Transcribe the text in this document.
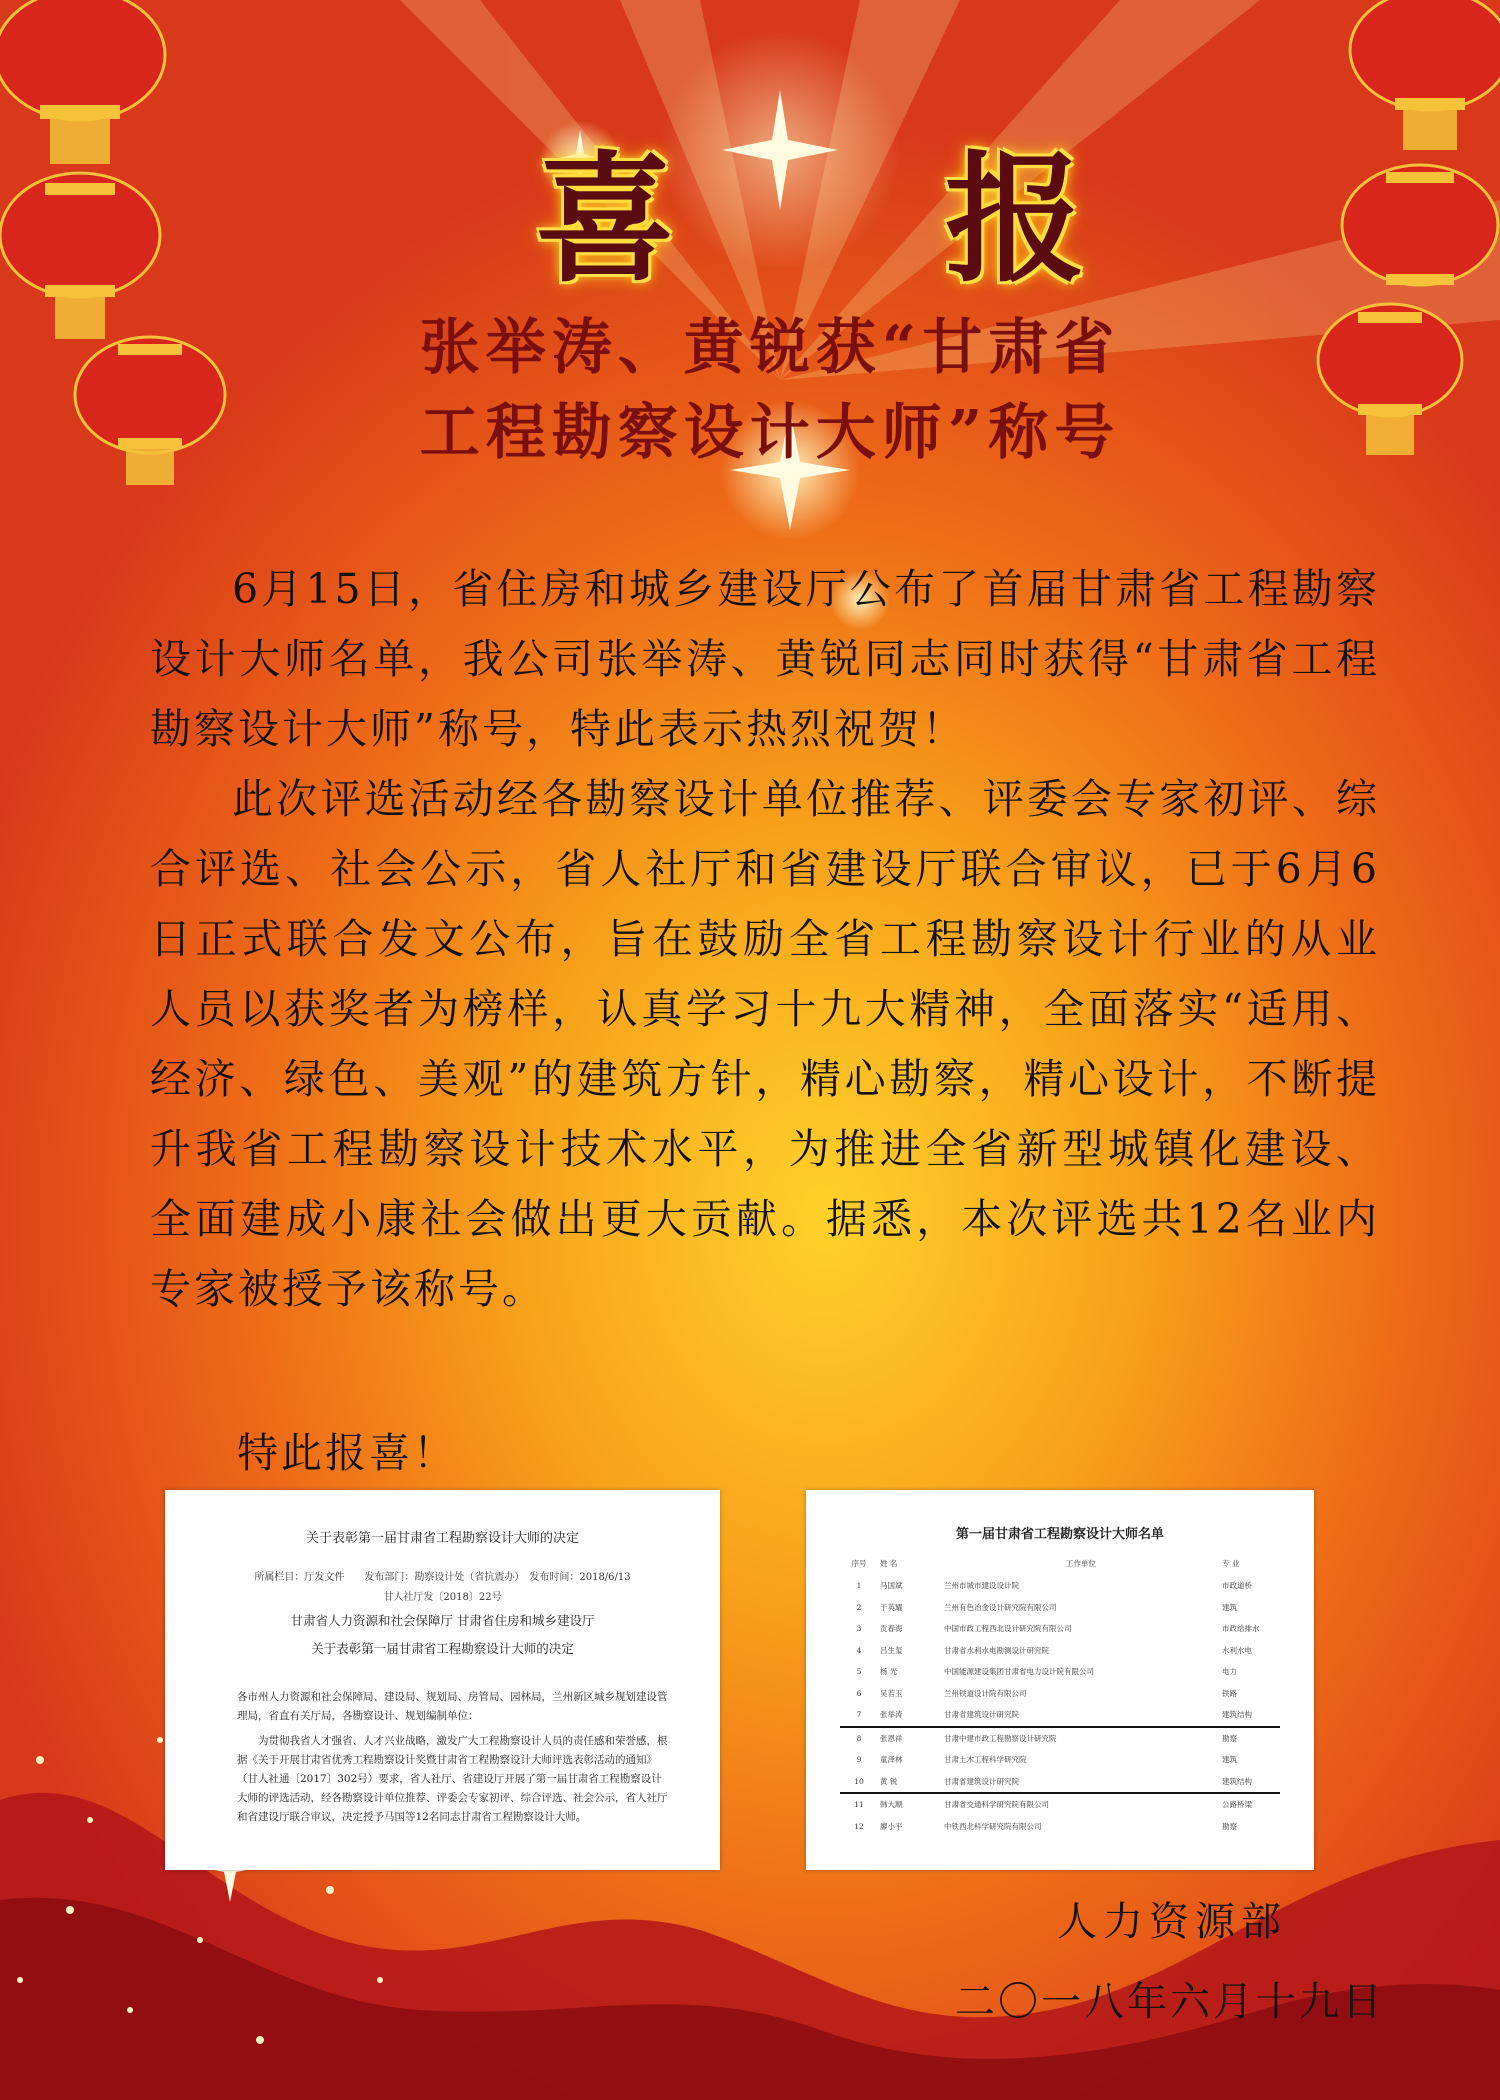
喜 报
张举涛、黄锐获“甘肃省
工程勘察设计大师”称号

6月15日，省住房和城乡建设厅公布了首届甘肃省工程勘察设计大师名单，我公司张举涛、黄锐同志同时获得“甘肃省工程勘察设计大师”称号，特此表示热烈祝贺！

此次评选活动经各勘察设计单位推荐、评委会专家初评、综合评选、社会公示，省人社厅和省建设厅联合审议，已于6月6日正式联合发文公布，旨在鼓励全省工程勘察设计行业的从业人员以获奖者为榜样，认真学习十九大精神，全面落实“适用、经济、绿色、美观”的建筑方针，精心勘察，精心设计，不断提升我省工程勘察设计技术水平，为推进全省新型城镇化建设、全面建成小康社会做出更大贡献。据悉，本次评选共12名业内专家被授予该称号。

特此报喜！
关于表彰第一届甘肃省工程勘察设计大师的决定
所属栏目：厅发文件　　发布部门：勘察设计处（省抗震办）　发布时间：2018/6/13
甘人社厅发〔2018〕22号
甘肃省人力资源和社会保障厅 甘肃省住房和城乡建设厅
关于表彰第一届甘肃省工程勘察设计大师的决定
各市州人力资源和社会保障局、建设局、规划局、房管局、园林局，兰州新区城乡规划建设管理局，省直有关厅局，各勘察设计、规划编制单位：
为贯彻我省人才强省、人才兴业战略，激发广大工程勘察设计人员的责任感和荣誉感，根据《关于开展甘肃省优秀工程勘察设计奖暨甘肃省工程勘察设计大师评选表彰活动的通知》（甘人社通〔2017〕302号）要求，省人社厅、省建设厅开展了第一届甘肃省工程勘察设计大师的评选活动，经各勘察设计单位推荐、评委会专家初评、综合评选、社会公示，省人社厅和省建设厅联合审议，决定授予马国等12名同志甘肃省工程勘察设计大师。
第一届甘肃省工程勘察设计大师名单
序号	姓 名	工作单位	专 业
1	马国斌	兰州市城市建设设计院	市政道桥
2	于英耀	兰州有色冶金设计研究院有限公司	建筑
3	贡春海	中国市政工程西北设计研究院有限公司	市政给排水
4	吕生玺	甘肃省水利水电勘测设计研究院	水利水电
5	杨 光	中国能源建设集团甘肃省电力设计院有限公司	电力
6	吴若玉	兰州铁道设计院有限公司	铁路
7	张举涛	甘肃省建筑设计研究院	建筑结构
8	张恩祥	甘肃中建市政工程勘察设计研究院	勘察
9	童泽林	甘肃土木工程科学研究院	建筑
10	黄 锐	甘肃省建筑设计研究院	建筑结构
11	韩大顺	甘肃省交通科学研究院有限公司	公路桥梁
12	廖小平	中铁西北科学研究院有限公司	勘察
人力资源部
二〇一八年六月十九日
